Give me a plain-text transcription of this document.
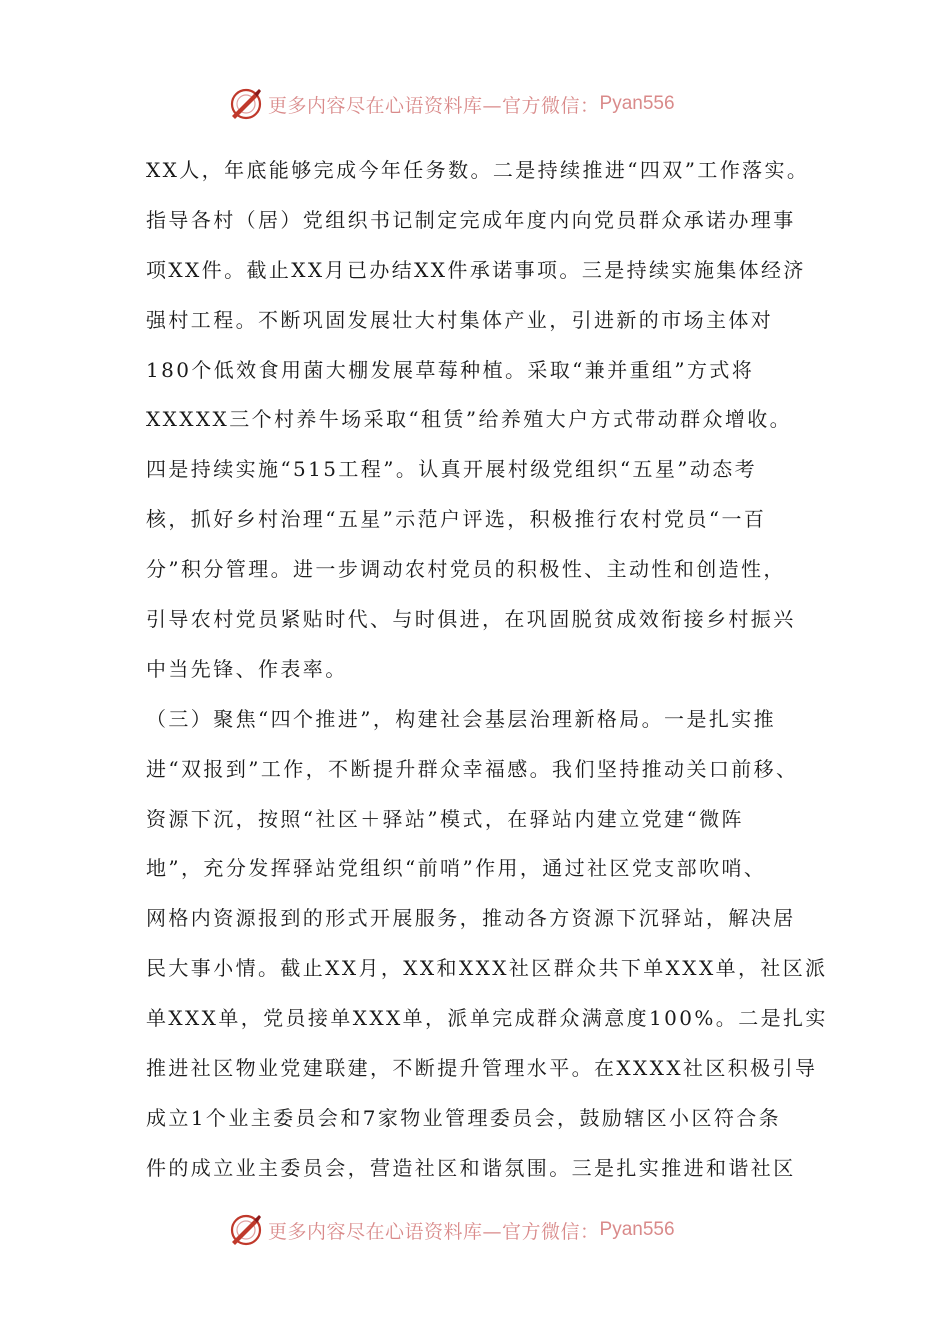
更多内容尽在心语资料库—官方微信： Pyan556
XX人，年底能够完成今年任务数。二是持续推进“四双”工作落实。
指导各村（居）党组织书记制定完成年度内向党员群众承诺办理事
项XX件。截止XX月已办结XX件承诺事项。三是持续实施集体经济
强村工程。不断巩固发展壮大村集体产业，引进新的市场主体对
180个低效食用菌大棚发展草莓种植。采取“兼并重组”方式将
XXXXX三个村养牛场采取“租赁”给养殖大户方式带动群众增收。
四是持续实施“515工程”。认真开展村级党组织“五星”动态考
核，抓好乡村治理“五星”示范户评选，积极推行农村党员“一百
分”积分管理。进一步调动农村党员的积极性、主动性和创造性，
引导农村党员紧贴时代、与时俱进，在巩固脱贫成效衔接乡村振兴
中当先锋、作表率。
（三）聚焦“四个推进”，构建社会基层治理新格局。一是扎实推
进“双报到”工作，不断提升群众幸福感。我们坚持推动关口前移、
资源下沉，按照“社区＋驿站”模式，在驿站内建立党建“微阵
地”，充分发挥驿站党组织“前哨”作用，通过社区党支部吹哨、
网格内资源报到的形式开展服务，推动各方资源下沉驿站，解决居
民大事小情。截止XX月，XX和XXX社区群众共下单XXX单，社区派
单XXX单，党员接单XXX单，派单完成群众满意度100%。二是扎实
推进社区物业党建联建，不断提升管理水平。在XXXX社区积极引导
成立1个业主委员会和7家物业管理委员会，鼓励辖区小区符合条
件的成立业主委员会，营造社区和谐氛围。三是扎实推进和谐社区
更多内容尽在心语资料库—官方微信： Pyan556
